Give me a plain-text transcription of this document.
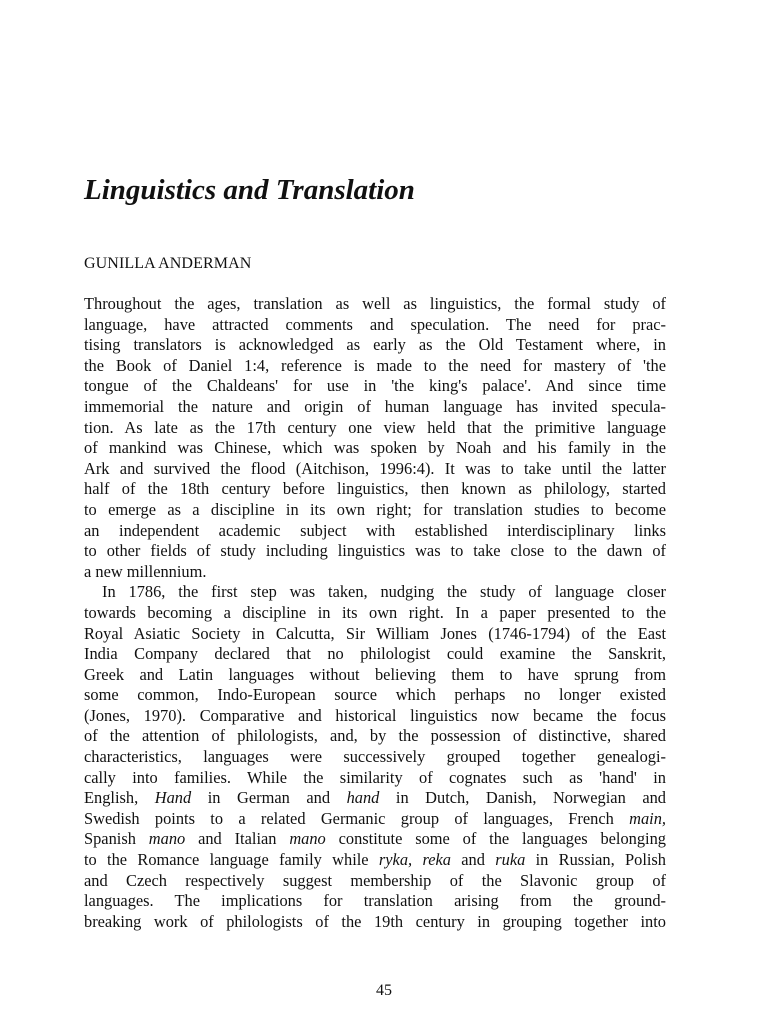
Linguistics and Translation
GUNILLA ANDERMAN
Throughout the ages, translation as well as linguistics, the formal study of
language, have attracted comments and speculation. The need for prac-
tising translators is acknowledged as early as the Old Testament where, in
the Book of Daniel 1:4, reference is made to the need for mastery of 'the
tongue of the Chaldeans' for use in 'the king's palace'. And since time
immemorial the nature and origin of human language has invited specula-
tion. As late as the 17th century one view held that the primitive language
of mankind was Chinese, which was spoken by Noah and his family in the
Ark and survived the flood (Aitchison, 1996:4). It was to take until the latter
half of the 18th century before linguistics, then known as philology, started
to emerge as a discipline in its own right; for translation studies to become
an independent academic subject with established interdisciplinary links
to other fields of study including linguistics was to take close to the dawn of
a new millennium.
In 1786, the first step was taken, nudging the study of language closer
towards becoming a discipline in its own right. In a paper presented to the
Royal Asiatic Society in Calcutta, Sir William Jones (1746-1794) of the East
India Company declared that no philologist could examine the Sanskrit,
Greek and Latin languages without believing them to have sprung from
some common, Indo-European source which perhaps no longer existed
(Jones, 1970). Comparative and historical linguistics now became the focus
of the attention of philologists, and, by the possession of distinctive, shared
characteristics, languages were successively grouped together genealogi-
cally into families. While the similarity of cognates such as 'hand' in
English, Hand in German and hand in Dutch, Danish, Norwegian and
Swedish points to a related Germanic group of languages, French main,
Spanish mano and Italian mano constitute some of the languages belonging
to the Romance language family while ryka, reka and ruka in Russian, Polish
and Czech respectively suggest membership of the Slavonic group of
languages. The implications for translation arising from the ground-
breaking work of philologists of the 19th century in grouping together into
45
